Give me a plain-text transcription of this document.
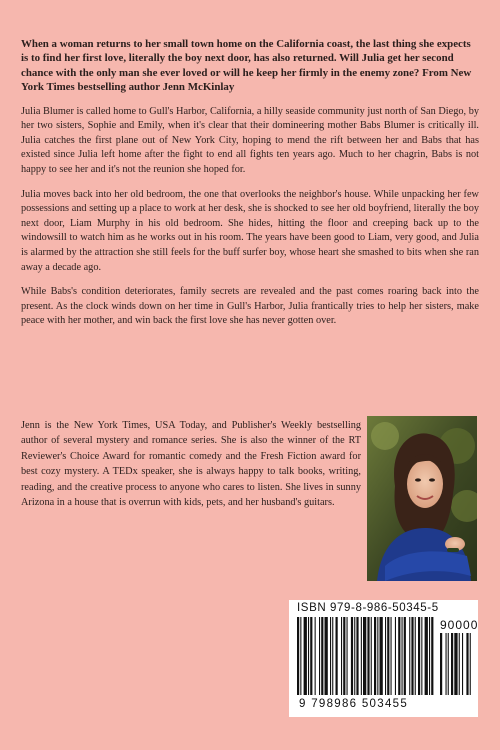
When a woman returns to her small town home on the California coast, the last thing she expects is to find her first love, literally the boy next door, has also returned. Will Julia get her second chance with the only man she ever loved or will he keep her firmly in the enemy zone? From New York Times bestselling author Jenn McKinlay

Julia Blumer is called home to Gull's Harbor, California, a hilly seaside community just north of San Diego, by her two sisters, Sophie and Emily, when it's clear that their domineering mother Babs Blumer is critically ill. Julia catches the first plane out of New York City, hoping to mend the rift between her and Babs that has existed since Julia left home after the fight to end all fights ten years ago. Much to her chagrin, Babs is not happy to see her and it's not the reunion she hoped for.

Julia moves back into her old bedroom, the one that overlooks the neighbor's house. While unpacking her few possessions and setting up a place to work at her desk, she is shocked to see her old boyfriend, literally the boy next door, Liam Murphy in his old bedroom. She hides, hitting the floor and creeping back up to the windowsill to watch him as he works out in his room. The years have been good to Liam, very good, and Julia is alarmed by the attraction she still feels for the buff surfer boy, whose heart she smashed to bits when she ran away a decade ago.

While Babs's condition deteriorates, family secrets are revealed and the past comes roaring back into the present. As the clock winds down on her time in Gull's Harbor, Julia frantically tries to help her sisters, make peace with her mother, and win back the first love she has never gotten over.

Jenn is the New York Times, USA Today, and Publisher's Weekly bestselling author of several mystery and romance series. She is also the winner of the RT Reviewer's Choice Award for romantic comedy and the Fresh Fiction award for best cozy mystery. A TEDx speaker, she is always happy to talk books, writing, reading, and the creative process to anyone who cares to listen. She lives in sunny Arizona in a house that is overrun with kids, pets, and her husband's guitars.

ISBN 979-8-986-50345-5
90000
9 798986 503455
